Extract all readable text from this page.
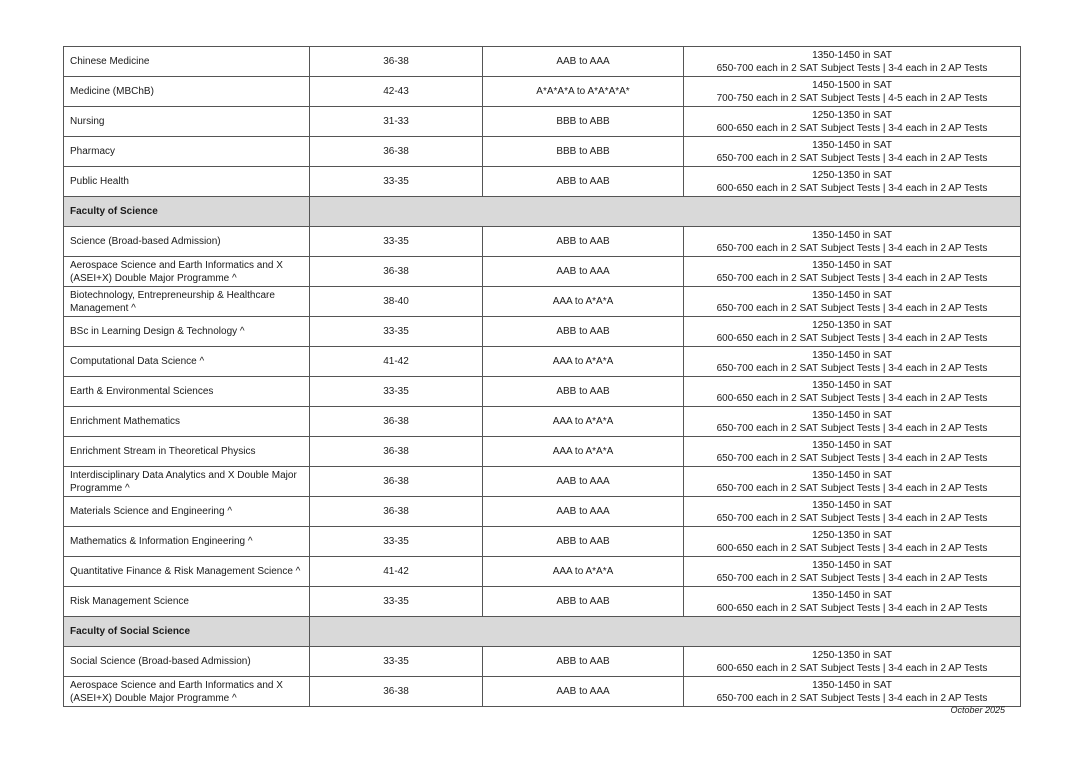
Chinese Medicine	36-38	AAB to AAA	1350-1450 in SAT
650-700 each in 2 SAT Subject Tests | 3-4 each in 2 AP Tests

Medicine (MBChB)	42-43	A*A*A*A to A*A*A*A*	1450-1500 in SAT
700-750 each in 2 SAT Subject Tests | 4-5 each in 2 AP Tests

Nursing	31-33	BBB to ABB	1250-1350 in SAT
600-650 each in 2 SAT Subject Tests | 3-4 each in 2 AP Tests

Pharmacy	36-38	BBB to ABB	1350-1450 in SAT
650-700 each in 2 SAT Subject Tests | 3-4 each in 2 AP Tests

Public Health	33-35	ABB to AAB	1250-1350 in SAT
600-650 each in 2 SAT Subject Tests | 3-4 each in 2 AP Tests

Faculty of Science			
Science (Broad-based Admission)	33-35	ABB to AAB	1350-1450 in SAT
650-700 each in 2 SAT Subject Tests | 3-4 each in 2 AP Tests

Aerospace Science and Earth Informatics and X (ASEI+X) Double Major Programme ^	36-38	AAB to AAA	1350-1450 in SAT
650-700 each in 2 SAT Subject Tests | 3-4 each in 2 AP Tests

Biotechnology, Entrepreneurship & Healthcare Management ^	38-40	AAA to A*A*A	1350-1450 in SAT
650-700 each in 2 SAT Subject Tests | 3-4 each in 2 AP Tests

BSc in Learning Design & Technology ^	33-35	ABB to AAB	1250-1350 in SAT
600-650 each in 2 SAT Subject Tests | 3-4 each in 2 AP Tests

Computational Data Science ^	41-42	AAA to A*A*A	1350-1450 in SAT
650-700 each in 2 SAT Subject Tests | 3-4 each in 2 AP Tests

Earth & Environmental Sciences	33-35	ABB to AAB	1350-1450 in SAT
600-650 each in 2 SAT Subject Tests | 3-4 each in 2 AP Tests

Enrichment Mathematics	36-38	AAA to A*A*A	1350-1450 in SAT
650-700 each in 2 SAT Subject Tests | 3-4 each in 2 AP Tests

Enrichment Stream in Theoretical Physics	36-38	AAA to A*A*A	1350-1450 in SAT
650-700 each in 2 SAT Subject Tests | 3-4 each in 2 AP Tests

Interdisciplinary Data Analytics and X Double Major Programme ^	36-38	AAB to AAA	1350-1450 in SAT
650-700 each in 2 SAT Subject Tests | 3-4 each in 2 AP Tests

Materials Science and Engineering ^	36-38	AAB to AAA	1350-1450 in SAT
650-700 each in 2 SAT Subject Tests | 3-4 each in 2 AP Tests

Mathematics & Information Engineering ^	33-35	ABB to AAB	1250-1350 in SAT
600-650 each in 2 SAT Subject Tests | 3-4 each in 2 AP Tests

Quantitative Finance & Risk Management Science ^	41-42	AAA to A*A*A	1350-1450 in SAT
650-700 each in 2 SAT Subject Tests | 3-4 each in 2 AP Tests

Risk Management Science	33-35	ABB to AAB	1350-1450 in SAT
600-650 each in 2 SAT Subject Tests | 3-4 each in 2 AP Tests

Faculty of Social Science			
Social Science (Broad-based Admission)	33-35	ABB to AAB	1250-1350 in SAT
600-650 each in 2 SAT Subject Tests | 3-4 each in 2 AP Tests

Aerospace Science and Earth Informatics and X (ASEI+X) Double Major Programme ^	36-38	AAB to AAA	1350-1450 in SAT
650-700 each in 2 SAT Subject Tests | 3-4 each in 2 AP Tests
October 2025
